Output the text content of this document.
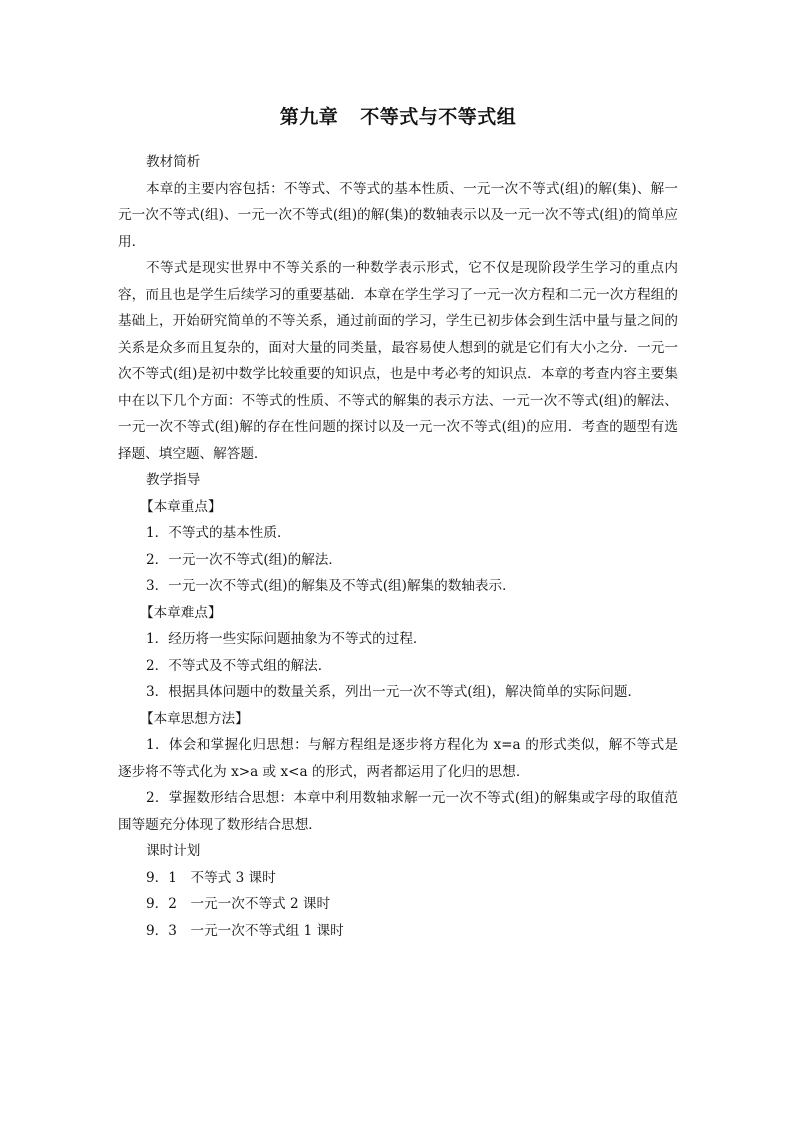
第九章 不等式与不等式组

教材简析

本章的主要内容包括：不等式、不等式的基本性质、一元一次不等式(组)的解(集)、解一元一次不等式(组)、一元一次不等式(组)的解(集)的数轴表示以及一元一次不等式(组)的简单应用．

不等式是现实世界中不等关系的一种数学表示形式，它不仅是现阶段学生学习的重点内容，而且也是学生后续学习的重要基础．本章在学生学习了一元一次方程和二元一次方程组的基础上，开始研究简单的不等关系，通过前面的学习，学生已初步体会到生活中量与量之间的关系是众多而且复杂的，面对大量的同类量，最容易使人想到的就是它们有大小之分．一元一次不等式(组)是初中数学比较重要的知识点，也是中考必考的知识点．本章的考查内容主要集中在以下几个方面：不等式的性质、不等式的解集的表示方法、一元一次不等式(组)的解法、一元一次不等式(组)解的存在性问题的探讨以及一元一次不等式(组)的应用．考查的题型有选择题、填空题、解答题．

教学指导

【本章重点】

1．不等式的基本性质．

2．一元一次不等式(组)的解法．

3．一元一次不等式(组)的解集及不等式(组)解集的数轴表示．

【本章难点】

1．经历将一些实际问题抽象为不等式的过程．

2．不等式及不等式组的解法．

3．根据具体问题中的数量关系，列出一元一次不等式(组)，解决简单的实际问题．

【本章思想方法】

1．体会和掌握化归思想：与解方程组是逐步将方程化为 x=a 的形式类似，解不等式是逐步将不等式化为 x>a 或 x<a 的形式，两者都运用了化归的思想．

2．掌握数形结合思想：本章中利用数轴求解一元一次不等式(组)的解集或字母的取值范围等题充分体现了数形结合思想．

课时计划

9．1　不等式 3 课时

9．2　一元一次不等式 2 课时

9．3　一元一次不等式组 1 课时
